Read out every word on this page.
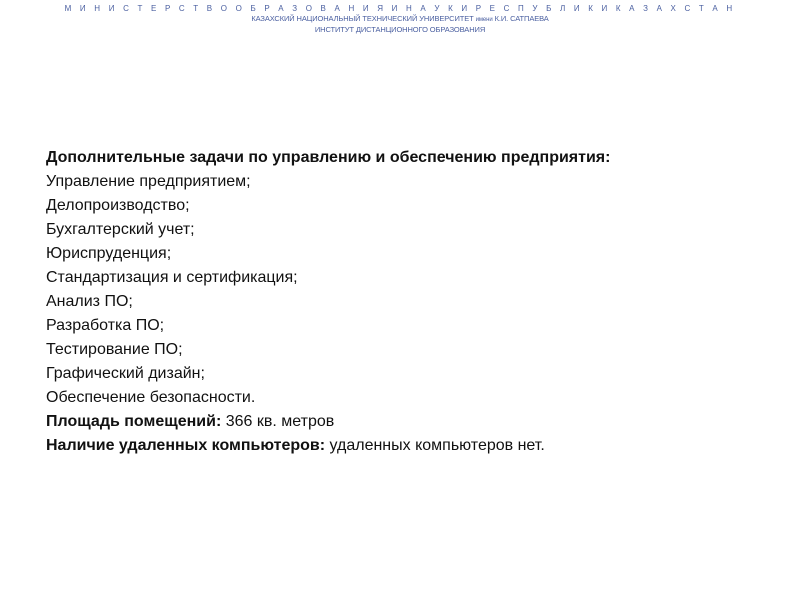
М И Н И С Т Е Р С Т В О О Б Р А З О В А Н И Я И Н А У К И Р Е С П У Б Л И К И К А З А Х С Т А Н
КАЗАХСКИЙ НАЦИОНАЛЬНЫЙ ТЕХНИЧЕСКИЙ УНИВЕРСИТЕТ имени К.И. САТПАЕВА
ИНСТИТУТ ДИСТАНЦИОННОГО ОБРАЗОВАНИЯ
Дополнительные задачи по управлению и обеспечению предприятия:
Управление предприятием;
Делопроизводство;
Бухгалтерский учет;
Юриспруденция;
Стандартизация и сертификация;
Анализ ПО;
Разработка ПО;
Тестирование ПО;
Графический дизайн;
Обеспечение безопасности.
Площадь помещений: 366 кв. метров
Наличие удаленных компьютеров: удаленных компьютеров нет.
